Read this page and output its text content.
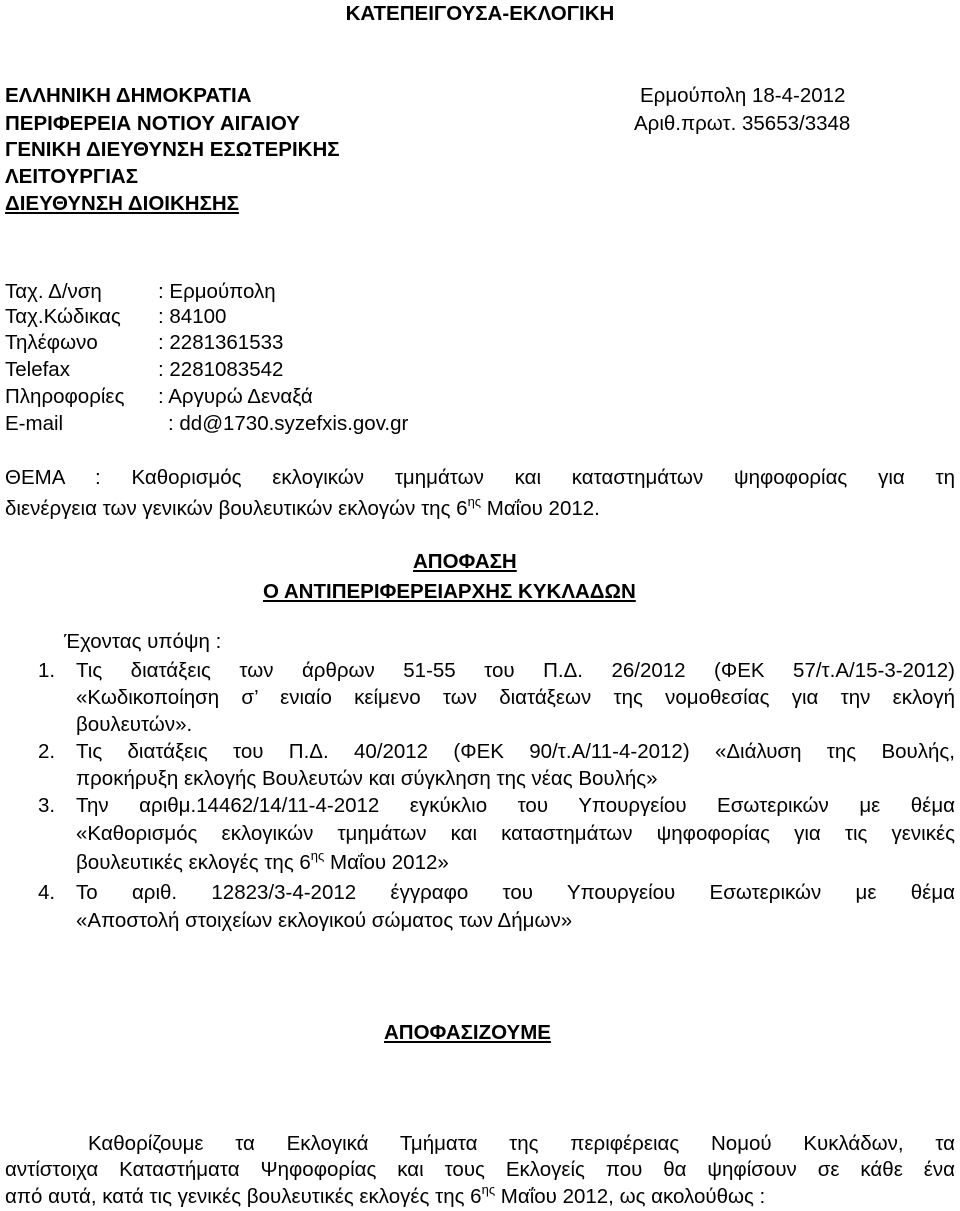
ΚΑΤΕΠΕΙΓΟΥΣΑ-ΕΚΛΟΓΙΚΗ
ΕΛΛΗΝΙΚΗ ΔΗΜΟΚΡΑΤΙΑ
ΠΕΡΙΦΕΡΕΙΑ ΝΟΤΙΟΥ ΑΙΓΑΙΟΥ
ΓΕΝΙΚΗ ΔΙΕΥΘΥΝΣΗ ΕΣΩΤΕΡΙΚΗΣ
ΛΕΙΤΟΥΡΓΙΑΣ
ΔΙΕΥΘΥΝΣΗ ΔΙΟΙΚΗΣΗΣ
Ερμούπολη 18-4-2012
Αριθ.πρωτ. 35653/3348
Ταχ. Δ/νση	: Ερμούπολη
Ταχ.Κώδικας : 84100
Τηλέφωνο	: 2281361533
Telefax	: 2281083542
Πληροφορίες : Αργυρώ Δεναξά
E-mail	: dd@1730.syzefxis.gov.gr
ΘΕΜΑ : Καθορισμός εκλογικών τμημάτων και καταστημάτων ψηφοφορίας για τη
διενέργεια των γενικών βουλευτικών εκλογών της $6^{\eta\varsigma}$ Μαΐου 2012.
ΑΠΟΦΑΣΗ
Ο ΑΝΤΙΠΕΡΙΦΕΡΕΙΑΡΧΗΣ ΚΥΚΛΑΔΩΝ
Έχοντας υπόψη :
1. Τις διατάξεις των άρθρων 51-55 του Π.Δ. 26/2012 (ΦΕΚ 57/τ.Α/15-3-2012)
«Κωδικοποίηση σ’ ενιαίο κείμενο των διατάξεων της νομοθεσίας για την εκλογή
βουλευτών».
2. Τις διατάξεις του Π.Δ. 40/2012 (ΦΕΚ 90/τ.Α/11-4-2012) «Διάλυση της Βουλής,
προκήρυξη εκλογής Βουλευτών και σύγκληση της νέας Βουλής»
3. Την αριθμ.14462/14/11-4-2012 εγκύκλιο του Υπουργείου Εσωτερικών με θέμα
«Καθορισμός εκλογικών τμημάτων και καταστημάτων ψηφοφορίας για τις γενικές
βουλευτικές εκλογές της $6^{\eta\varsigma}$ Μαΐου 2012»
4. Το αριθ. 12823/3-4-2012 έγγραφο του Υπουργείου Εσωτερικών με θέμα
«Αποστολή στοιχείων εκλογικού σώματος των Δήμων»
ΑΠΟΦΑΣΙΖΟΥΜΕ
Καθορίζουμε τα Εκλογικά Τμήματα της περιφέρειας Νομού Κυκλάδων, τα
αντίστοιχα Καταστήματα Ψηφοφορίας και τους Εκλογείς που θα ψηφίσουν σε κάθε ένα
από αυτά, κατά τις γενικές βουλευτικές εκλογές της $6^{\eta\varsigma}$ Μαΐου 2012, ως ακολούθως :
